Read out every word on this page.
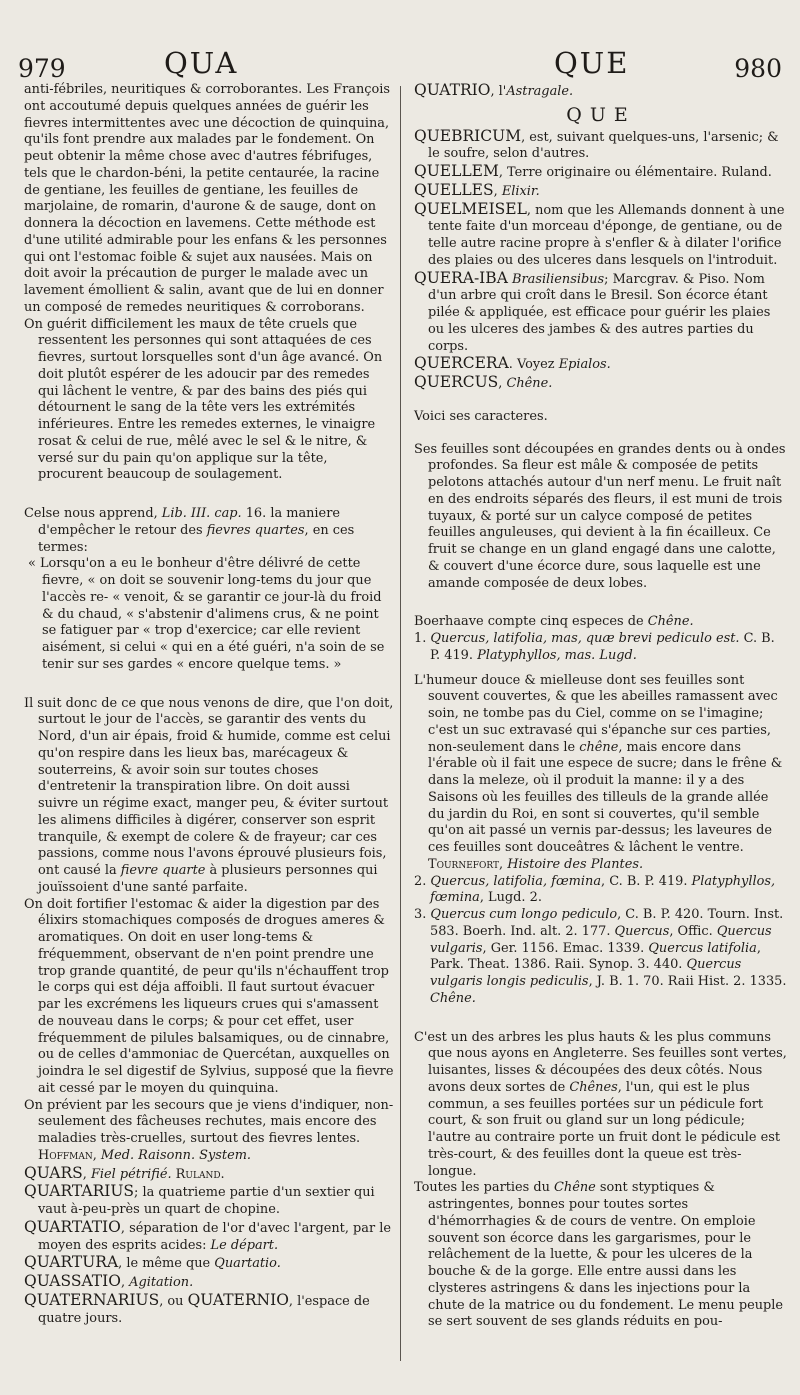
979	QUA	QUE	980

anti-fébriles, neuritiques & corroborantes. Les François ont accoutumé depuis quelques années de guérir les fievres intermittentes avec une décoction de quinquina, qu'ils font prendre aux malades par le fondement. On peut obtenir la même chose avec d'autres fébrifuges, tels que le chardon-béni, la petite centaurée, la racine de gentiane, les feuilles de gentiane, les feuilles de marjolaine, de romarin, d'aurone & de sauge, dont on donnera la décoction en lavemens. Cette méthode est d'une utilité admirable pour les enfans & les personnes qui ont l'estomac foible & sujet aux nausées. Mais on doit avoir la précaution de purger le malade avec un lavement émollient & salin, avant que de lui en donner un composé de remedes neuritiques & corroborans.

On guérit difficilement les maux de tête cruels que ressentent les personnes qui sont attaquées de ces fievres, surtout lorsquelles sont d'un âge avancé. On doit plutôt espérer de les adoucir par des remedes qui lâchent le ventre, & par des bains des piés qui détournent le sang de la tête vers les extrémités inférieures. Entre les remedes externes, le vinaigre rosat & celui de rue, mêlé avec le sel & le nitre, & versé sur du pain qu'on applique sur la tête, procurent beaucoup de soulagement.

Celse nous apprend, Lib. III. cap. 16. la maniere d'empêcher le retour des fievres quartes, en ces termes:

« Lorsqu'on a eu le bonheur d'être délivré de cette fievre, « on doit se souvenir long-tems du jour que l'accès re- « venoit, & se garantir ce jour-là du froid & du chaud, « s'abstenir d'alimens crus, & ne point se fatiguer par « trop d'exercice; car elle revient aisément, si celui « qui en a été guéri, n'a soin de se tenir sur ses gardes « encore quelque tems. »

Il suit donc de ce que nous venons de dire, que l'on doit, surtout le jour de l'accès, se garantir des vents du Nord, d'un air épais, froid & humide, comme est celui qu'on respire dans les lieux bas, marécageux & souterreins, & avoir soin sur toutes choses d'entretenir la transpiration libre. On doit aussi suivre un régime exact, manger peu, & éviter surtout les alimens difficiles à digérer, conserver son esprit tranquile, & exempt de colere & de frayeur; car ces passions, comme nous l'avons éprouvé plusieurs fois, ont causé la fievre quarte à plusieurs personnes qui jouïssoient d'une santé parfaite.

On doit fortifier l'estomac & aider la digestion par des élixirs stomachiques composés de drogues ameres & aromatiques. On doit en user long-tems & fréquemment, observant de n'en point prendre une trop grande quantité, de peur qu'ils n'échauffent trop le corps qui est déja affoibli. Il faut surtout évacuer par les excrémens les liqueurs crues qui s'amassent de nouveau dans le corps; & pour cet effet, user fréquemment de pilules balsamiques, ou de cinnabre, ou de celles d'ammoniac de Quercétan, auxquelles on joindra le sel digestif de Sylvius, supposé que la fievre ait cessé par le moyen du quinquina.

On prévient par les secours que je viens d'indiquer, non-seulement des fâcheuses rechutes, mais encore des maladies très-cruelles, surtout des fievres lentes. Hoffman, Med. Raisonn. System.

QUARS, Fiel pétrifié. Ruland.

QUARTARIUS; la quatrieme partie d'un sextier qui vaut à-peu-près un quart de chopine.

QUARTATIO, séparation de l'or d'avec l'argent, par le moyen des esprits acides: Le départ.

QUARTURA, le même que Quartatio.

QUASSATIO, Agitation.

QUATERNARIUS, ou QUATERNIO, l'espace de quatre jours.

QUATRIO, l'Astragale.

QUE

QUEBRICUM, est, suivant quelques-uns, l'arsenic; & le soufre, selon d'autres.

QUELLEM, Terre originaire ou élémentaire. Ruland.

QUELLES, Elixir.

QUELMEISEL, nom que les Allemands donnent à une tente faite d'un morceau d'éponge, de gentiane, ou de telle autre racine propre à s'enfler & à dilater l'orifice des plaies ou des ulceres dans lesquels on l'introduit.

QUERA-IBA Brasiliensibus; Marcgrav. & Piso. Nom d'un arbre qui croît dans le Bresil. Son écorce étant pilée & appliquée, est efficace pour guérir les plaies ou les ulceres des jambes & des autres parties du corps.

QUERCERA. Voyez Epialos.

QUERCUS, Chêne.

Voici ses caracteres.

Ses feuilles sont découpées en grandes dents ou à ondes profondes. Sa fleur est mâle & composée de petits pelotons attachés autour d'un nerf menu. Le fruit naît en des endroits séparés des fleurs, il est muni de trois tuyaux, & porté sur un calyce composé de petites feuilles anguleuses, qui devient à la fin écailleux. Ce fruit se change en un gland engagé dans une calotte, & couvert d'une écorce dure, sous laquelle est une amande composée de deux lobes.

Boerhaave compte cinq especes de Chêne.

1. Quercus, latifolia, mas, quæ brevi pediculo est. C. B. P. 419. Platyphyllos, mas. Lugd.

L'humeur douce & mielleuse dont ses feuilles sont souvent couvertes, & que les abeilles ramassent avec soin, ne tombe pas du Ciel, comme on se l'imagine; c'est un suc extravasé qui s'épanche sur ces parties, non-seulement dans le chêne, mais encore dans l'érable où il fait une espece de sucre; dans le frêne & dans la meleze, où il produit la manne: il y a des Saisons où les feuilles des tilleuls de la grande allée du jardin du Roi, en sont si couvertes, qu'il semble qu'on ait passé un vernis par-dessus; les laveures de ces feuilles sont douceâtres & lâchent le ventre. Tournefort, Histoire des Plantes.

2. Quercus, latifolia, fœmina, C. B. P. 419. Platyphyllos, fœmina, Lugd. 2.

3. Quercus cum longo pediculo, C. B. P. 420. Tourn. Inst. 583. Boerh. Ind. alt. 2. 177. Quercus, Offic. Quercus vulgaris, Ger. 1156. Emac. 1339. Quercus latifolia, Park. Theat. 1386. Raii. Synop. 3. 440. Quercus vulgaris longis pediculis, J. B. 1. 70. Raii Hist. 2. 1335. Chêne.

C'est un des arbres les plus hauts & les plus communs que nous ayons en Angleterre. Ses feuilles sont vertes, luisantes, lisses & découpées des deux côtés. Nous avons deux sortes de Chênes, l'un, qui est le plus commun, a ses feuilles portées sur un pédicule fort court, & son fruit ou gland sur un long pédicule; l'autre au contraire porte un fruit dont le pédicule est très-court, & des feuilles dont la queue est très-longue.

Toutes les parties du Chêne sont styptiques & astringentes, bonnes pour toutes sortes d'hémorrhagies & de cours de ventre. On emploie souvent son écorce dans les gargarismes, pour le relâchement de la luette, & pour les ulceres de la bouche & de la gorge. Elle entre aussi dans les clysteres astringens & dans les injections pour la chute de la matrice ou du fondement. Le menu peuple se sert souvent de ses glands réduits en pou-
